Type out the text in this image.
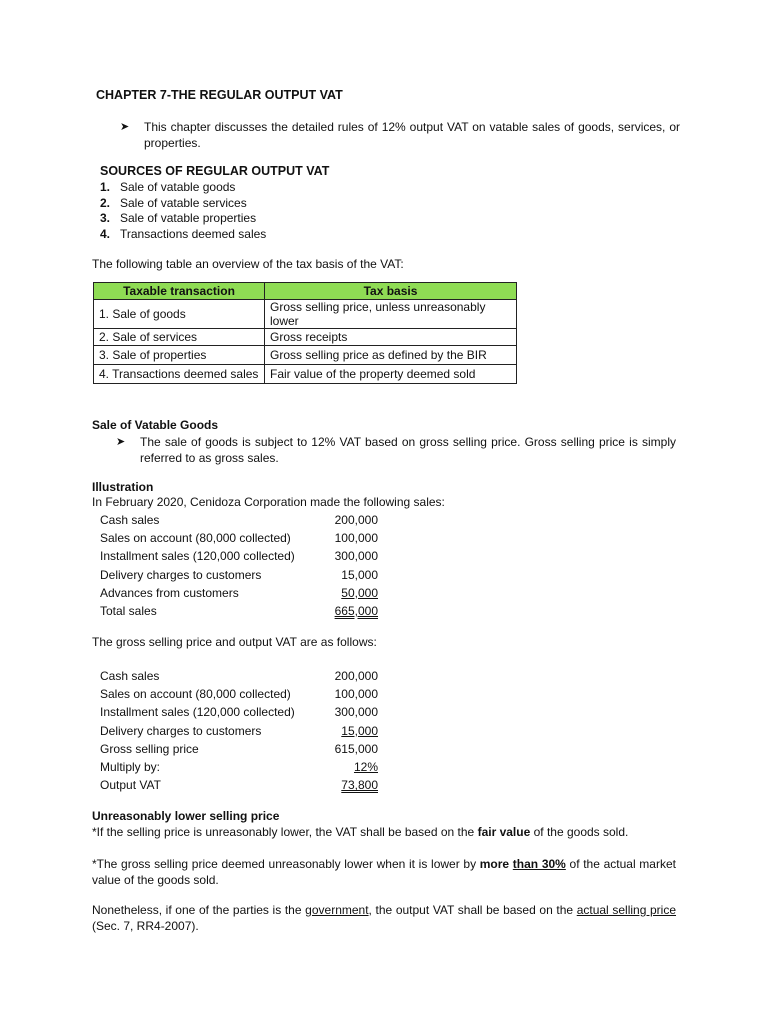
CHAPTER 7-THE REGULAR OUTPUT VAT
➤ This chapter discusses the detailed rules of 12% output VAT on vatable sales of goods, services, or properties.
SOURCES OF REGULAR OUTPUT VAT
1. Sale of vatable goods
2. Sale of vatable services
3. Sale of vatable properties
4. Transactions deemed sales
The following table an overview of the tax basis of the VAT:
Taxable transaction	Tax basis
1. Sale of goods	Gross selling price, unless unreasonably lower
2. Sale of services	Gross receipts
3. Sale of properties	Gross selling price as defined by the BIR
4. Transactions deemed sales	Fair value of the property deemed sold
Sale of Vatable Goods
➤ The sale of goods is subject to 12% VAT based on gross selling price. Gross selling price is simply referred to as gross sales.
Illustration
In February 2020, Cenidoza Corporation made the following sales:
Cash sales	200,000
Sales on account (80,000 collected)	100,000
Installment sales (120,000 collected)	300,000
Delivery charges to customers	15,000
Advances from customers	50,000
Total sales	665,000
The gross selling price and output VAT are as follows:
Cash sales	200,000
Sales on account (80,000 collected)	100,000
Installment sales (120,000 collected)	300,000
Delivery charges to customers	15,000
Gross selling price	615,000
Multiply by:	12%
Output VAT	73,800
Unreasonably lower selling price
*If the selling price is unreasonably lower, the VAT shall be based on the fair value of the goods sold.
*The gross selling price deemed unreasonably lower when it is lower by more than 30% of the actual market value of the goods sold.
Nonetheless, if one of the parties is the government, the output VAT shall be based on the actual selling price (Sec. 7, RR4-2007).
